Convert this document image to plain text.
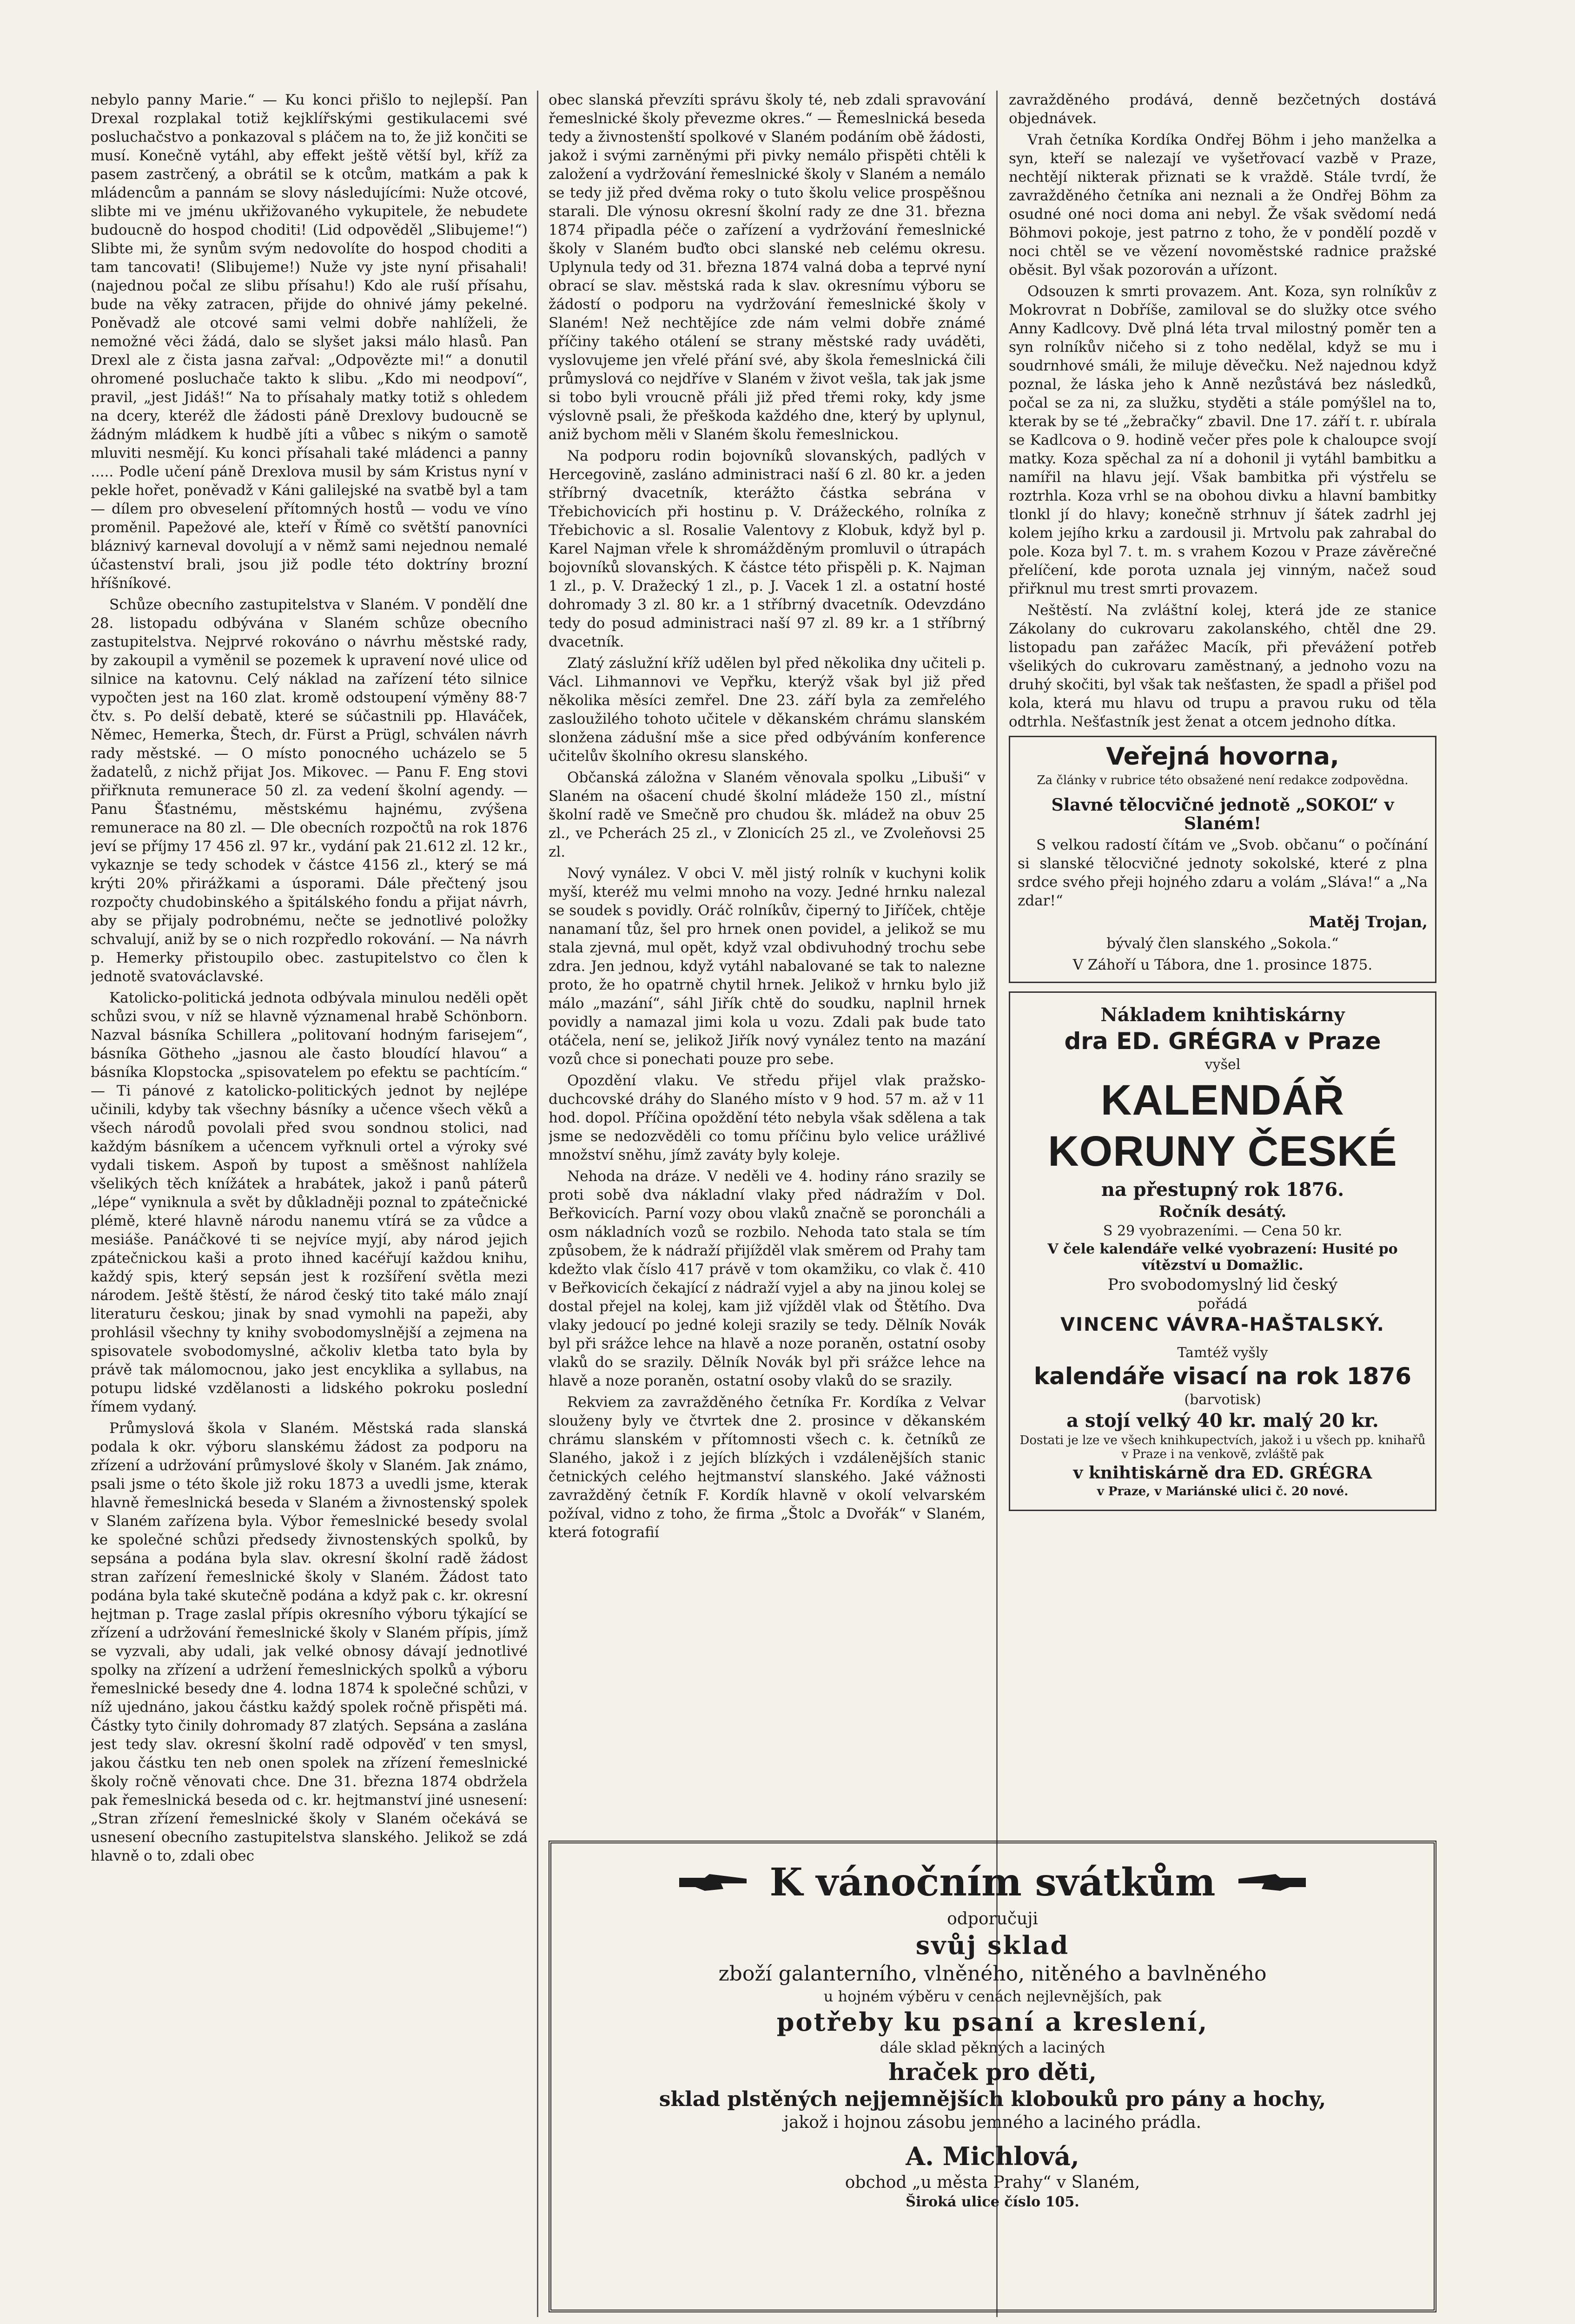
nebylo panny Marie.“ — Ku konci přišlo to nejlepší. Pan Drexal rozplakal totiž kejklířskými gestikulacemi své posluchačstvo a ponkazoval s pláčem na to, že již končiti se musí. Konečně vytáhl, aby effekt ještě větší byl, kříž za pasem zastrčený, a obrátil se k otcům, matkám a pak k mládencům a pannám se slovy následujícími: Nuže otcové, slibte mi ve jménu ukřižovaného vykupitele, že nebudete budoucně do hospod choditi! (Lid odpověděl „Slibujeme!“) Slibte mi, že synům svým nedovolíte do hospod choditi a tam tancovati! (Slibujeme!) Nuže vy jste nyní přisahali! (najednou počal ze slibu přísahu!) Kdo ale ruší přísahu, bude na věky zatracen, přijde do ohnivé jámy pekelné. Poněvadž ale otcové sami velmi dobře nahlíželi, že nemožné věci žádá, dalo se slyšet jaksi málo hlasů. Pan Drexl ale z čista jasna zařval: „Odpovězte mi!“ a donutil ohromené posluchače takto k slibu. „Kdo mi neodpoví“, pravil, „jest Jidáš!“ Na to přísahaly matky totiž s ohledem na dcery, kteréž dle žádosti páně Drexlovy budoucně se žádným mládkem k hudbě jíti a vůbec s nikým o samotě mluviti nesmějí. Ku konci přísahali také mládenci a panny ..... Podle učení páně Drexlova musil by sám Kristus nyní v pekle hořet, poněvadž v Káni galilejské na svatbě byl a tam — dílem pro obveselení přítomných hostů — vodu ve víno proměnil. Papežové ale, kteří v Římě co světští panovníci bláznivý karneval dovolují a v němž sami nejednou nemalé účastenství brali, jsou již podle této doktríny brozní hříšníkové.

Schůze obecního zastupitelstva v Slaném. V pondělí dne 28. listopadu odbývána v Slaném schůze obecního zastupitelstva. Nejprvé rokováno o návrhu městské rady, by zakoupil a vyměnil se pozemek k upravení nové ulice od silnice na katovnu. Celý náklad na zařízení této silnice vypočten jest na 160 zlat. kromě odstoupení výměny 88·7 čtv. s. Po delší debatě, které se súčastnili pp. Hlaváček, Němec, Hemerka, Štech, dr. Fürst a Prügl, schválen návrh rady městské. — O místo ponocného ucházelo se 5 žadatelů, z nichž přijat Jos. Mikovec. — Panu F. Eng stovi přiřknuta remunerace 50 zl. za vedení školní agendy. — Panu Šťastnému, městskému hajnému, zvýšena remunerace na 80 zl. — Dle obecních rozpočtů na rok 1876 jeví se příjmy 17 456 zl. 97 kr., vydání pak 21.612 zl. 12 kr., vykaznje se tedy schodek v částce 4156 zl., který se má krýti 20% přirážkami a úsporami. Dále přečtený jsou rozpočty chudobinského a špitálského fondu a přijat návrh, aby se přijaly podrobnému, nečte se jednotlivé položky schvalují, aniž by se o nich rozpředlo rokování. — Na návrh p. Hemerky přistoupilo obec. zastupitelstvo co člen k jednotě svatováclavské.

Katolicko-politická jednota odbývala minulou neděli opět schůzi svou, v níž se hlavně významenal hrabě Schönborn. Nazval básníka Schillera „politovaní hodným farisejem“, básníka Götheho „jasnou ale často bloudící hlavou“ a básníka Klopstocka „spisovatelem po efektu se pachtícím.“ — Ti pánové z katolicko-politických jednot by nejlépe učinili, kdyby tak všechny básníky a učence všech věků a všech národů povolali před svou sondnou stolici, nad každým básníkem a učencem vyřknuli ortel a výroky své vydali tiskem. Aspoň by tupost a směšnost nahlížela všelikých těch knížátek a hrabátek, jakož i panů páterů „lépe“ vyniknula a svět by důkladněji poznal to zpátečnické plémě, které hlavně národu nanemu vtírá se za vůdce a mesiáše. Panáčkové ti se nejvíce myjí, aby národ jejich zpátečnickou kaši a proto ihned kacéřují každou knihu, každý spis, který sepsán jest k rozšíření světla mezi národem. Ještě štěstí, že národ český tito také málo znají literaturu českou; jinak by snad vymohli na papeži, aby prohlásil všechny ty knihy svobodomyslnější a zejmena na spisovatele svobodomyslné, ačkoliv kletba tato byla by právě tak málomocnou, jako jest encyklika a syllabus, na potupu lidské vzdělanosti a lidského pokroku poslední římem vydaný.

Průmyslová škola v Slaném. Městská rada slanská podala k okr. výboru slanskému žádost za podporu na zřízení a udržování průmyslové školy v Slaném. Jak známo, psali jsme o této škole již roku 1873 a uvedli jsme, kterak hlavně řemeslnická beseda v Slaném a živnostenský spolek v Slaném zařízena byla. Výbor řemeslnické besedy svolal ke společné schůzi předsedy živnostenských spolků, by sepsána a podána byla slav. okresní školní radě žádost stran zařízení řemeslnické školy v Slaném. Žádost tato podána byla také skutečně podána a když pak c. kr. okresní hejtman p. Trage zaslal přípis okresního výboru týkající se zřízení a udržování řemeslnické školy v Slaném přípis, jímž se vyzvali, aby udali, jak velké obnosy dávají jednotlivé spolky na zřízení a udržení řemeslnických spolků a výboru řemeslnické besedy dne 4. lodna 1874 k společné schůzi, v níž ujednáno, jakou částku každý spolek ročně přispěti má. Částky tyto činily dohromady 87 zlatých. Sepsána a zaslána jest tedy slav. okresní školní radě odpověď v ten smysl, jakou částku ten neb onen spolek na zřízení řemeslnické školy ročně věnovati chce. Dne 31. března 1874 obdržela pak řemeslnická beseda od c. kr. hejtmanství jiné usnesení: „Stran zřízení řemeslnické školy v Slaném očekává se usnesení obecního zastupitelstva slanského. Jelikož se zdá hlavně o to, zdali obec

obec slanská převzíti správu školy té, neb zdali spravování řemeslnické školy převezme okres.“ — Řemeslnická beseda tedy a živnostenští spolkové v Slaném podáním obě žádosti, jakož i svými zarněnými při pivky nemálo přispěti chtěli k založení a vydržování řemeslnické školy v Slaném a nemálo se tedy již před dvěma roky o tuto školu velice prospěšnou starali. Dle výnosu okresní školní rady ze dne 31. března 1874 připadla péče o zařízení a vydržování řemeslnické školy v Slaném buďto obci slanské neb celému okresu. Uplynula tedy od 31. března 1874 valná doba a teprvé nyní obrací se slav. městská rada k slav. okresnímu výboru se žádostí o podporu na vydržování řemeslnické školy v Slaném! Než nechtějíce zde nám velmi dobře známé příčiny takého otálení se strany městské rady uváděti, vyslovujeme jen vřelé přání své, aby škola řemeslnická čili průmyslová co nejdříve v Slaném v život vešla, tak jak jsme si tobo byli vroucně přáli již před třemi roky, kdy jsme výslovně psali, že přeškoda každého dne, který by uplynul, aniž bychom měli v Slaném školu řemeslnickou.

Na podporu rodin bojovníků slovanských, padlých v Hercegovině, zasláno administraci naší 6 zl. 80 kr. a jeden stříbrný dvacetník, kterážto částka sebrána v Třebichovicích při hostinu p. V. Drážeckého, rolníka z Třebichovic a sl. Rosalie Valentovy z Klobuk, když byl p. Karel Najman vřele k shromážděným promluvil o útrapách bojovníků slovanských. K částce této přispěli p. K. Najman 1 zl., p. V. Dražecký 1 zl., p. J. Vacek 1 zl. a ostatní hosté dohromady 3 zl. 80 kr. a 1 stříbrný dvacetník. Odevzdáno tedy do posud administraci naší 97 zl. 89 kr. a 1 stříbrný dvacetník.

Zlatý záslužní kříž udělen byl před několika dny učiteli p. Václ. Lihmannovi ve Vepřku, kterýž však byl již před několika měsíci zemřel. Dne 23. září byla za zemřelého zasloužilého tohoto učitele v děkanském chrámu slanském slonžena zádušní mše a sice před odbýváním konference učitelův školního okresu slanského.

Občanská záložna v Slaném věnovala spolku „Libuši“ v Slaném na ošacení chudé školní mládeže 150 zl., místní školní radě ve Smečně pro chudou šk. mládež na obuv 25 zl., ve Pcherách 25 zl., v Zlonicích 25 zl., ve Zvoleňovsi 25 zl.

Nový vynález. V obci V. měl jistý rolník v kuchyni kolik myší, kteréž mu velmi mnoho na vozy. Jedné hrnku nalezal se soudek s povidly. Oráč rolníkův, čiperný to Jiříček, chtěje nanamaní tůz, šel pro hrnek onen povidel, a jelikož se mu stala zjevná, mul opět, když vzal obdivuhodný trochu sebe zdra. Jen jednou, když vytáhl nabalované se tak to nalezne proto, že ho opatrně chytil hrnek. Jelikož v hrnku bylo již málo „mazání“, sáhl Jiřík chtě do soudku, naplnil hrnek povidly a namazal jimi kola u vozu. Zdali pak bude tato otáčela, není se, jelikož Jiřík nový vynález tento na mazání vozů chce si ponechati pouze pro sebe.

Opozdění vlaku. Ve středu přijel vlak pražsko-duchcovské dráhy do Slaného místo v 9 hod. 57 m. až v 11 hod. dopol. Příčina opoždění této nebyla však sdělena a tak jsme se nedozvěděli co tomu příčinu bylo velice urážlivé množství sněhu, jímž zaváty byly koleje.

Nehoda na dráze. V neděli ve 4. hodiny ráno srazily se proti sobě dva nákladní vlaky před nádražím v Dol. Beřkovicích. Parní vozy obou vlaků značně se poroncháli a osm nákladních vozů se rozbilo. Nehoda tato stala se tím způsobem, že k nádraží přijížděl vlak směrem od Prahy tam kdežto vlak číslo 417 právě v tom okamžiku, co vlak č. 410 v Beřkovicích čekající z nádraží vyjel a aby na jinou kolej se dostal přejel na kolej, kam již vjížděl vlak od Štětího. Dva vlaky jedoucí po jedné koleji srazily se tedy. Dělník Novák byl při srážce lehce na hlavě a noze poraněn, ostatní osoby vlaků do se srazily. Dělník Novák byl při srážce lehce na hlavě a noze poraněn, ostatní osoby vlaků do se srazily.

Rekviem za zavražděného četníka Fr. Kordíka z Velvar slouženy byly ve čtvrtek dne 2. prosince v děkanském chrámu slanském v přítomnosti všech c. k. četníků ze Slaného, jakož i z jejích blízkých i vzdálenějších stanic četnických celého hejtmanství slanského. Jaké vážnosti zavražděný četník F. Kordík hlavně v okolí velvarském požíval, vidno z toho, že firma „Štolc a Dvořák“ v Slaném, která fotografií

zavražděného prodává, denně bezčetných dostává objednávek.

Vrah četníka Kordíka Ondřej Böhm i jeho manželka a syn, kteří se nalezají ve vyšetřovací vazbě v Praze, nechtějí nikterak přiznati se k vraždě. Stále tvrdí, že zavražděného četníka ani neznali a že Ondřej Böhm za osudné oné noci doma ani nebyl. Že však svědomí nedá Böhmovi pokoje, jest patrno z toho, že v pondělí pozdě v noci chtěl se ve vězení novoměstské radnice pražské oběsit. Byl však pozorován a uřízont.

Odsouzen k smrti provazem. Ant. Koza, syn rolníkův z Mokrovrat n Dobříše, zamiloval se do služky otce svého Anny Kadlcovy. Dvě plná léta trval milostný poměr ten a syn rolníkův ničeho si z toho nedělal, když se mu i soudrnhové smáli, že miluje děvečku. Než najednou když poznal, že láska jeho k Anně nezůstává bez následků, počal se za ni, za služku, styděti a stále pomýšlel na to, kterak by se té „žebračky“ zbavil. Dne 17. září t. r. ubírala se Kadlcova o 9. hodině večer přes pole k chaloupce svojí matky. Koza spěchal za ní a dohonil ji vytáhl bambitku a namířil na hlavu její. Však bambitka při výstřelu se roztrhla. Koza vrhl se na obohou divku a hlavní bambitky tlonkl jí do hlavy; konečně strhnuv jí šátek zadrhl jej kolem jejího krku a zardousil ji. Mrtvolu pak zahrabal do pole. Koza byl 7. t. m. s vrahem Kozou v Praze závěrečné přelíčení, kde porota uznala jej vinným, načež soud přiřknul mu trest smrti provazem.

Neštěstí. Na zvláštní kolej, která jde ze stanice Zákolany do cukrovaru zakolanského, chtěl dne 29. listopadu pan zařážec Macík, při převážení potřeb všelikých do cukrovaru zaměstnaný, a jednoho vozu na druhý skočiti, byl však tak nešťasten, že spadl a přišel pod kola, která mu hlavu od trupu a pravou ruku od těla odtrhla. Nešťastník jest ženat a otcem jednoho dítka.

Veřejná hovorna,
Za články v rubrice této obsažené není redakce zodpovědna.

Slavné tělocvičné jednotě „SOKOL“ v Slaném!

S velkou radostí čítám ve „Svob. občanu“ o počínání si slanské tělocvičné jednoty sokolské, které z plna srdce svého přeji hojného zdaru a volám „Sláva!“ a „Na zdar!“

Matěj Trojan,

bývalý člen slanského „Sokola.“

V Záhoří u Tábora, dne 1. prosince 1875.

Nákladem knihtiskárny
dra ED. GRÉGRA v Praze
vyšel
KALENDÁŘ KORUNY ČESKÉ
na přestupný rok 1876.
Ročník desátý.
S 29 vyobrazeními. — Cena 50 kr.
V čele kalendáře velké vyobrazení: Husité po vítězství u Domažlic.
Pro svobodomyslný lid český
pořádá
VINCENC VÁVRA-HAŠTALSKÝ.
Tamtéž vyšly
kalendáře visací na rok 1876
(barvotisk)
a stojí velký 40 kr. malý 20 kr.
Dostati je lze ve všech knihkupectvích, jakož i u všech pp. knihařů v Praze i na venkově, zvláště pak
v knihtiskárně dra ED. GRÉGRA
v Praze, v Mariánské ulici č. 20 nové.
K vánočním svátkům
odporučuji
svůj sklad
zboží galanterního, vlněného, nitěného a bavlněného
u hojném výběru v cenách nejlevnějších, pak
potřeby ku psaní a kreslení,
dále sklad pěkných a laciných
hraček pro děti,
sklad plstěných nejjemnějších klobouků pro pány a hochy,
jakož i hojnou zásobu jemného a laciného prádla.
A. Michlová,
obchod „u města Prahy“ v Slaném,
Široká ulice číslo 105.
